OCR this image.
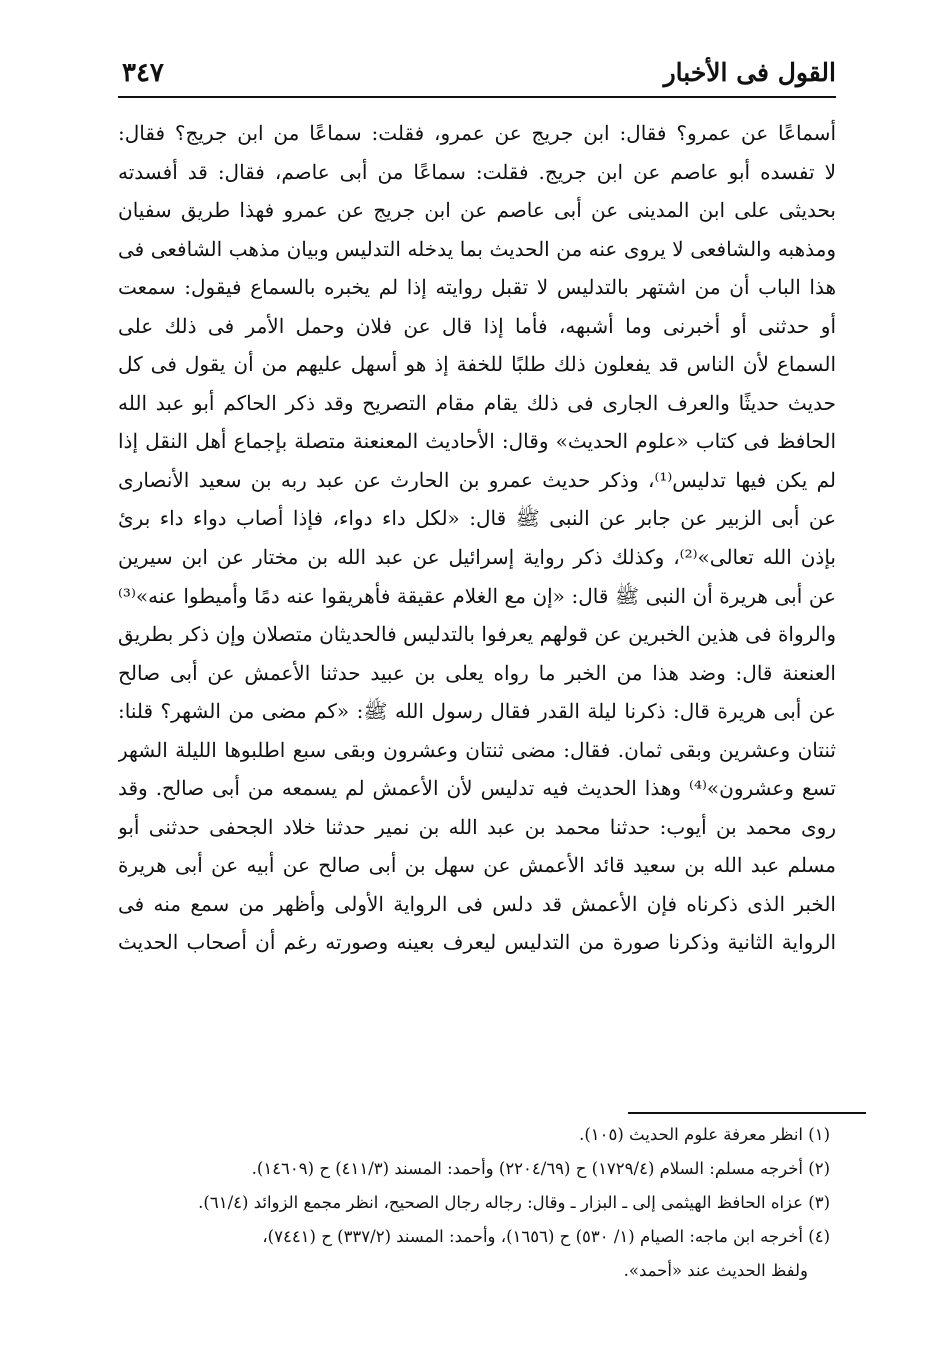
القول فى الأخبار
٣٤٧
أسماعًا عن عمرو؟ فقال: ابن جريج عن عمرو، فقلت: سماعًا من ابن جريج؟ فقال:
لا تفسده أبو عاصم عن ابن جريج. فقلت: سماعًا من أبى عاصم، فقال: قد أفسدته
بحديثى على ابن المدينى عن أبى عاصم عن ابن جريج عن عمرو فهذا طريق سفيان
ومذهبه والشافعى لا يروى عنه من الحديث بما يدخله التدليس وبيان مذهب الشافعى فى
هذا الباب أن من اشتهر بالتدليس لا تقبل روايته إذا لم يخبره بالسماع فيقول: سمعت
أو حدثنى أو أخبرنى وما أشبهه، فأما إذا قال عن فلان وحمل الأمر فى ذلك على
السماع لأن الناس قد يفعلون ذلك طلبًا للخفة إذ هو أسهل عليهم من أن يقول فى كل
حديث حديثًا والعرف الجارى فى ذلك يقام مقام التصريح وقد ذكر الحاكم أبو عبد الله
الحافظ فى كتاب «علوم الحديث» وقال: الأحاديث المعنعنة متصلة بإجماع أهل النقل إذا
لم يكن فيها تدليس⁽¹⁾، وذكر حديث عمرو بن الحارث عن عبد ربه بن سعيد الأنصارى
عن أبى الزبير عن جابر عن النبى ﷺ قال: «لكل داء دواء، فإذا أصاب دواء داء برئ
بإذن الله تعالى»⁽²⁾، وكذلك ذكر رواية إسرائيل عن عبد الله بن مختار عن ابن سيرين
عن أبى هريرة أن النبى ﷺ قال: «إن مع الغلام عقيقة فأهريقوا عنه دمًا وأميطوا عنه»⁽³⁾
والرواة فى هذين الخبرين عن قولهم يعرفوا بالتدليس فالحديثان متصلان وإن ذكر بطريق
العنعنة قال: وضد هذا من الخبر ما رواه يعلى بن عبيد حدثنا الأعمش عن أبى صالح
عن أبى هريرة قال: ذكرنا ليلة القدر فقال رسول الله ﷺ: «كم مضى من الشهر؟ قلنا:
ثنتان وعشرين وبقى ثمان. فقال: مضى ثنتان وعشرون وبقى سبع اطلبوها الليلة الشهر
تسع وعشرون»⁽⁴⁾ وهذا الحديث فيه تدليس لأن الأعمش لم يسمعه من أبى صالح. وقد
روى محمد بن أيوب: حدثنا محمد بن عبد الله بن نمير حدثنا خلاد الجحفى حدثنى أبو
مسلم عبد الله بن سعيد قائد الأعمش عن سهل بن أبى صالح عن أبيه عن أبى هريرة
الخبر الذى ذكرناه فإن الأعمش قد دلس فى الرواية الأولى وأظهر من سمع منه فى
الرواية الثانية وذكرنا صورة من التدليس ليعرف بعينه وصورته رغم أن أصحاب الحديث
(١) انظر معرفة علوم الحديث (١٠٥).
(٢) أخرجه مسلم: السلام (١٧٢٩/٤) ح (٢٢٠٤/٦٩) وأحمد: المسند (٤١١/٣) ح (١٤٦٠٩).
(٣) عزاه الحافظ الهيثمى إلى ـ البزار ـ وقال: رجاله رجال الصحيح، انظر مجمع الزوائد (٦١/٤).
(٤) أخرجه ابن ماجه: الصيام (١/ ٥٣٠) ح (١٦٥٦)، وأحمد: المسند (٣٣٧/٢) ح (٧٤٤١)،
ولفظ الحديث عند «أحمد».
